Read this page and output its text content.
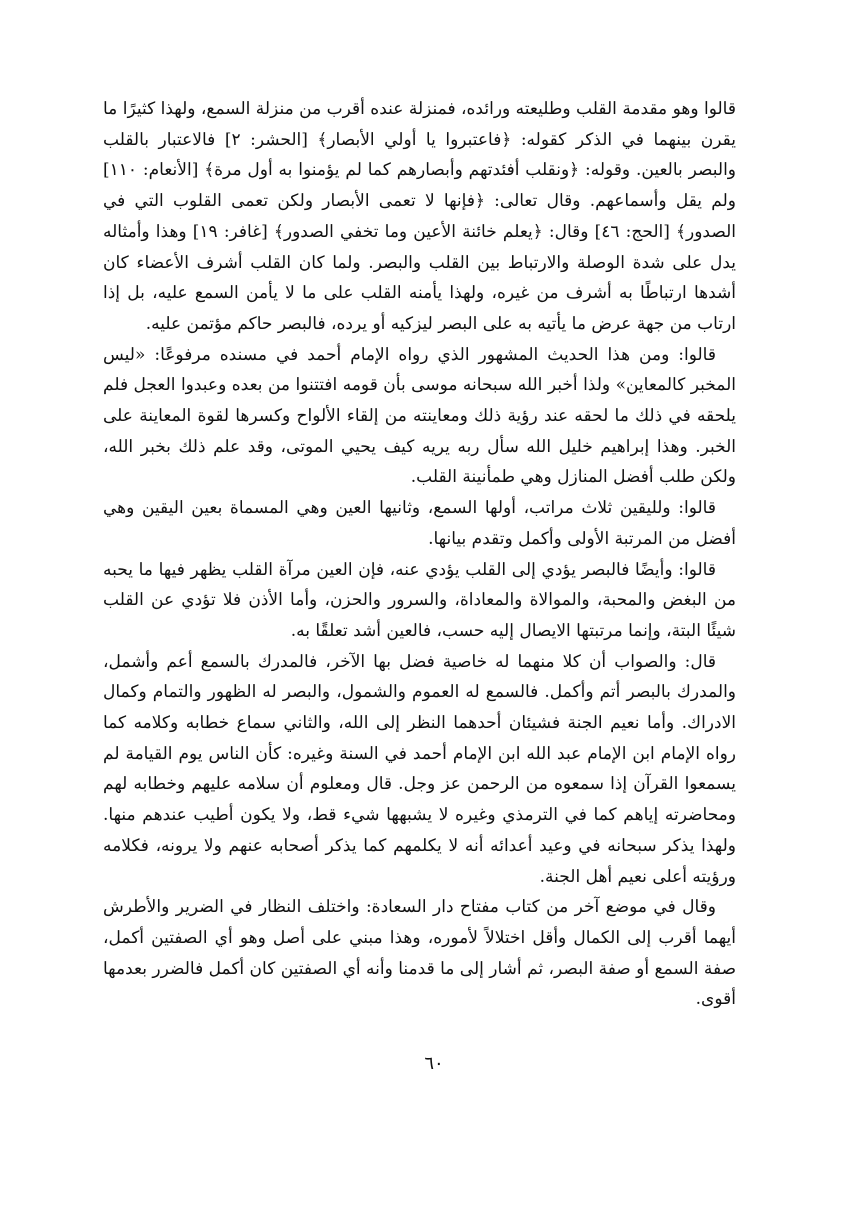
قالوا وهو مقدمة القلب وطليعته ورائده، فمنزلة عنده أقرب من منزلة السمع، ولهذا كثيرًا ما يقرن بينهما في الذكر كقوله: ﴿فاعتبروا يا أولي الأبصار﴾ [الحشر: ٢] فالاعتبار بالقلب والبصر بالعين. وقوله: ﴿ونقلب أفئدتهم وأبصارهم كما لم يؤمنوا به أول مرة﴾ [الأنعام: ١١٠] ولم يقل وأسماعهم. وقال تعالى: ﴿فإنها لا تعمى الأبصار ولكن تعمى القلوب التي في الصدور﴾ [الحج: ٤٦] وقال: ﴿يعلم خائنة الأعين وما تخفي الصدور﴾ [غافر: ١٩] وهذا وأمثاله يدل على شدة الوصلة والارتباط بين القلب والبصر. ولما كان القلب أشرف الأعضاء كان أشدها ارتباطًا به أشرف من غيره، ولهذا يأمنه القلب على ما لا يأمن السمع عليه، بل إذا ارتاب من جهة عرض ما يأتيه به على البصر ليزكيه أو يرده، فالبصر حاكم مؤتمن عليه.

قالوا: ومن هذا الحديث المشهور الذي رواه الإمام أحمد في مسنده مرفوعًا: «ليس المخبر كالمعاين» ولذا أخبر الله سبحانه موسى بأن قومه افتتنوا من بعده وعبدوا العجل فلم يلحقه في ذلك ما لحقه عند رؤية ذلك ومعاينته من إلقاء الألواح وكسرها لقوة المعاينة على الخبر. وهذا إبراهيم خليل الله سأل ربه يريه كيف يحيي الموتى، وقد علم ذلك بخبر الله، ولكن طلب أفضل المنازل وهي طمأنينة القلب.

قالوا: ولليقين ثلاث مراتب، أولها السمع، وثانيها العين وهي المسماة بعين اليقين وهي أفضل من المرتبة الأولى وأكمل وتقدم بيانها.

قالوا: وأيضًا فالبصر يؤدي إلى القلب يؤدي عنه، فإن العين مرآة القلب يظهر فيها ما يحبه من البغض والمحبة، والموالاة والمعاداة، والسرور والحزن، وأما الأذن فلا تؤدي عن القلب شيئًا البتة، وإنما مرتبتها الايصال إليه حسب، فالعين أشد تعلقًا به.

قال: والصواب أن كلا منهما له خاصية فضل بها الآخر، فالمدرك بالسمع أعم وأشمل، والمدرك بالبصر أتم وأكمل. فالسمع له العموم والشمول، والبصر له الظهور والتمام وكمال الادراك. وأما نعيم الجنة فشيئان أحدهما النظر إلى الله، والثاني سماع خطابه وكلامه كما رواه الإمام ابن الإمام عبد الله ابن الإمام أحمد في السنة وغيره: كأن الناس يوم القيامة لم يسمعوا القرآن إذا سمعوه من الرحمن عز وجل. قال ومعلوم أن سلامه عليهم وخطابه لهم ومحاضرته إياهم كما في الترمذي وغيره لا يشبهها شيء قط، ولا يكون أطيب عندهم منها. ولهذا يذكر سبحانه في وعيد أعدائه أنه لا يكلمهم كما يذكر أصحابه عنهم ولا يرونه، فكلامه ورؤيته أعلى نعيم أهل الجنة.

وقال في موضع آخر من كتاب مفتاح دار السعادة: واختلف النظار في الضرير والأطرش أيهما أقرب إلى الكمال وأقل اختلالاً لأموره، وهذا مبني على أصل وهو أي الصفتين أكمل، صفة السمع أو صفة البصر، ثم أشار إلى ما قدمنا وأنه أي الصفتين كان أكمل فالضرر بعدمها أقوى.

٦٠
